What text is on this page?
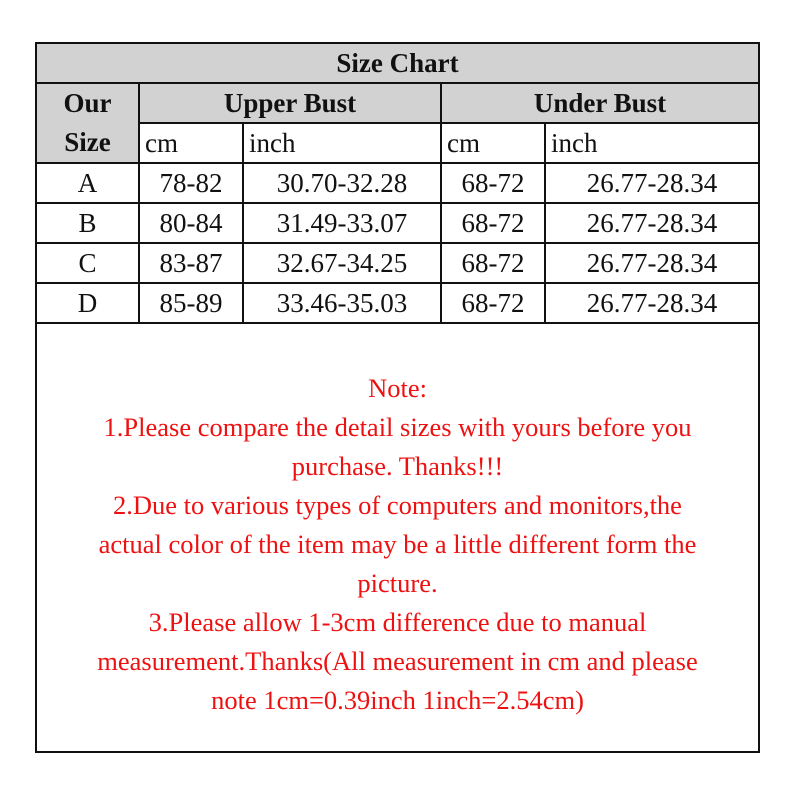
Size Chart				
Our
Size	Upper Bust		Under Bust	
	cm	inch	cm	inch
A	78-82	30.70-32.28	68-72	26.77-28.34
B	80-84	31.49-33.07	68-72	26.77-28.34
C	83-87	32.67-34.25	68-72	26.77-28.34
D	85-89	33.46-35.03	68-72	26.77-28.34
Note:
1.Please compare the detail sizes with yours before you
purchase. Thanks!!!
2.Due to various types of computers and monitors,the
actual color of the item may be a little different form the
picture.
3.Please allow 1-3cm difference due to manual
measurement.Thanks(All measurement in cm and please
note 1cm=0.39inch 1inch=2.54cm)
